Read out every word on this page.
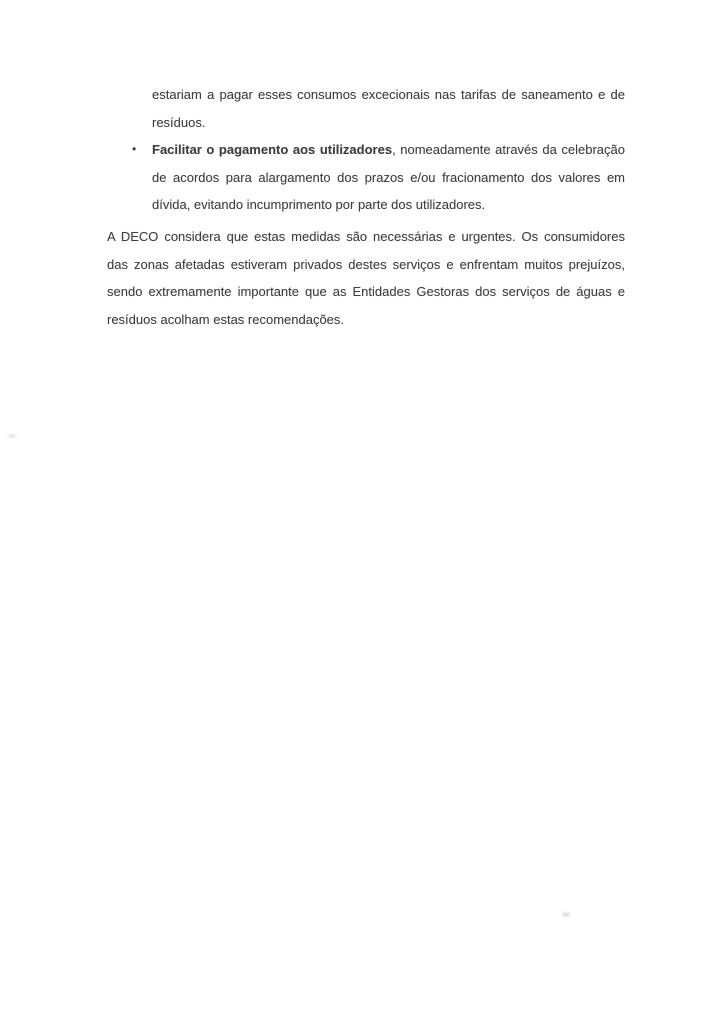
estariam a pagar esses consumos excecionais nas tarifas de saneamento e de
resíduos.
• Facilitar o pagamento aos utilizadores, nomeadamente através da celebração
de acordos para alargamento dos prazos e/ou fracionamento dos valores em
dívida, evitando incumprimento por parte dos utilizadores.
A DECO considera que estas medidas são necessárias e urgentes. Os consumidores
das zonas afetadas estiveram privados destes serviços e enfrentam muitos prejuízos,
sendo extremamente importante que as Entidades Gestoras dos serviços de águas e
resíduos acolham estas recomendações.
